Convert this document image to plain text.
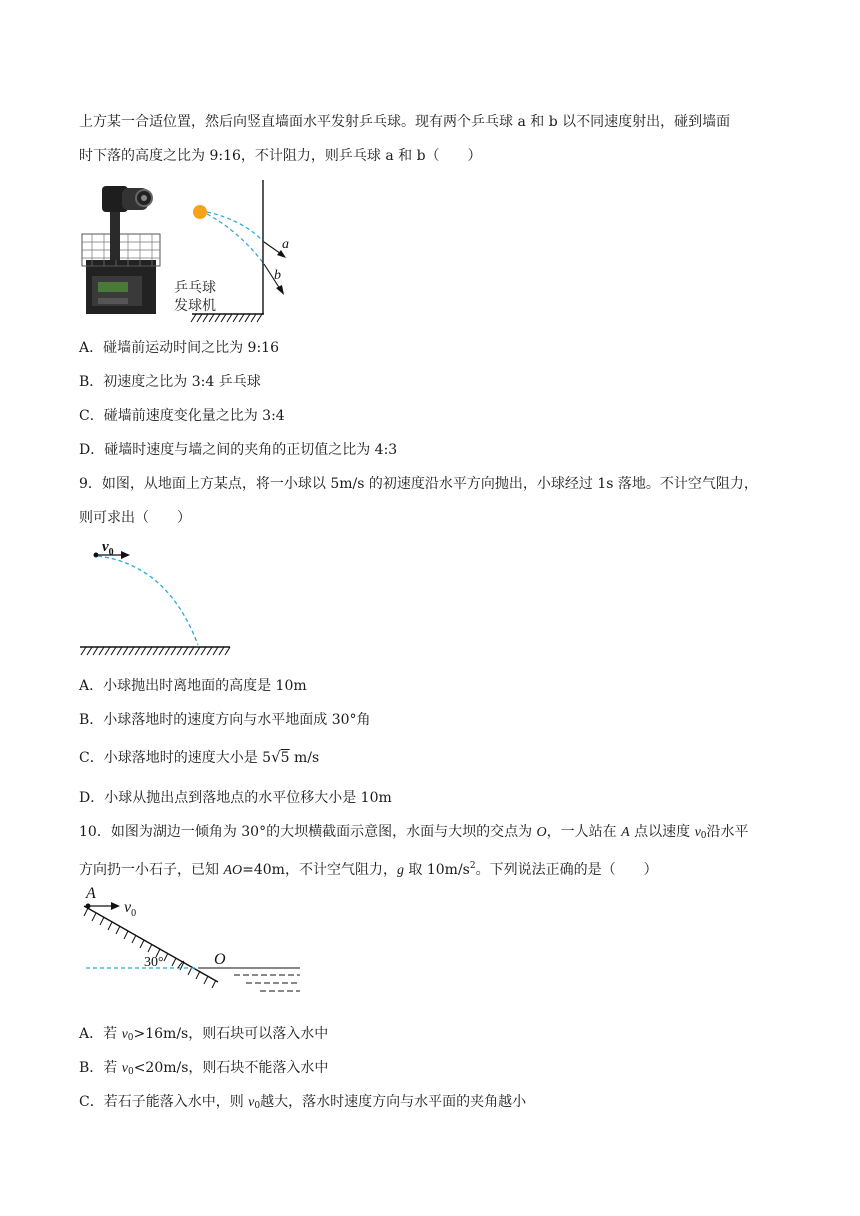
上方某一合适位置，然后向竖直墙面水平发射乒乓球。现有两个乒乓球 a 和 b 以不同速度射出，碰到墙面
时下落的高度之比为 9:16，不计阻力，则乒乓球 a 和 b（　　）
乒乓球
发球机
a
b
A．碰墙前运动时间之比为 9:16
B．初速度之比为 3:4 乒乓球
C．碰墙前速度变化量之比为 3:4
D．碰墙时速度与墙之间的夹角的正切值之比为 4:3
9．如图，从地面上方某点，将一小球以 5m/s 的初速度沿水平方向抛出，小球经过 1s 落地。不计空气阻力，
则可求出（　　）
$v_0$
A．小球抛出时离地面的高度是 10m
B．小球落地时的速度方向与水平地面成 30°角
C．小球落地时的速度大小是 5√5 m/s
D．小球从抛出点到落地点的水平位移大小是 10m
10．如图为湖边一倾角为 30°的大坝横截面示意图，水面与大坝的交点为 O，一人站在 A 点以速度 $v_0$沿水平
方向扔一小石子，已知 AO=40m，不计空气阻力，g 取 $10m/s^2$。下列说法正确的是（　　）
A
$v_0$
30°	O
A．若 $v_0>16m/s$，则石块可以落入水中
B．若 $v_0<20m/s$，则石块不能落入水中
C．若石子能落入水中，则 $v_0$越大，落水时速度方向与水平面的夹角越小
